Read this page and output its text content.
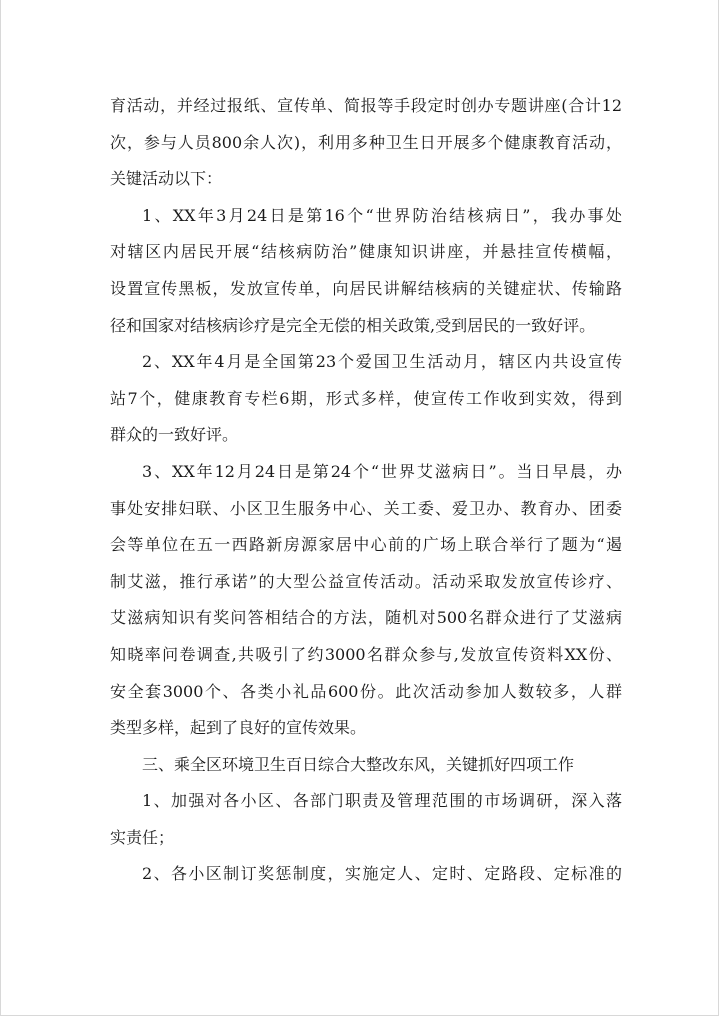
育活动，并经过报纸、宣传单、简报等手段定时创办专题讲座(合计12
次，参与人员800余人次)，利用多种卫生日开展多个健康教育活动，
关键活动以下：
1、XX年3月24日是第16个“世界防治结核病日”，我办事处
对辖区内居民开展“结核病防治”健康知识讲座，并悬挂宣传横幅，
设置宣传黑板，发放宣传单，向居民讲解结核病的关键症状、传输路
径和国家对结核病诊疗是完全无偿的相关政策,受到居民的一致好评。
2、XX年4月是全国第23个爱国卫生活动月，辖区内共设宣传
站7个，健康教育专栏6期，形式多样，使宣传工作收到实效，得到
群众的一致好评。
3、XX年12月24日是第24个“世界艾滋病日”。当日早晨，办
事处安排妇联、小区卫生服务中心、关工委、爱卫办、教育办、团委
会等单位在五一西路新房源家居中心前的广场上联合举行了题为“遏
制艾滋，推行承诺”的大型公益宣传活动。活动采取发放宣传诊疗、
艾滋病知识有奖问答相结合的方法，随机对500名群众进行了艾滋病
知晓率问卷调查,共吸引了约3000名群众参与,发放宣传资料XX份、
安全套3000个、各类小礼品600份。此次活动参加人数较多，人群
类型多样，起到了良好的宣传效果。
三、乘全区环境卫生百日综合大整改东风，关键抓好四项工作
1、加强对各小区、各部门职责及管理范围的市场调研，深入落
实责任；
2、各小区制订奖惩制度，实施定人、定时、定路段、定标准的
